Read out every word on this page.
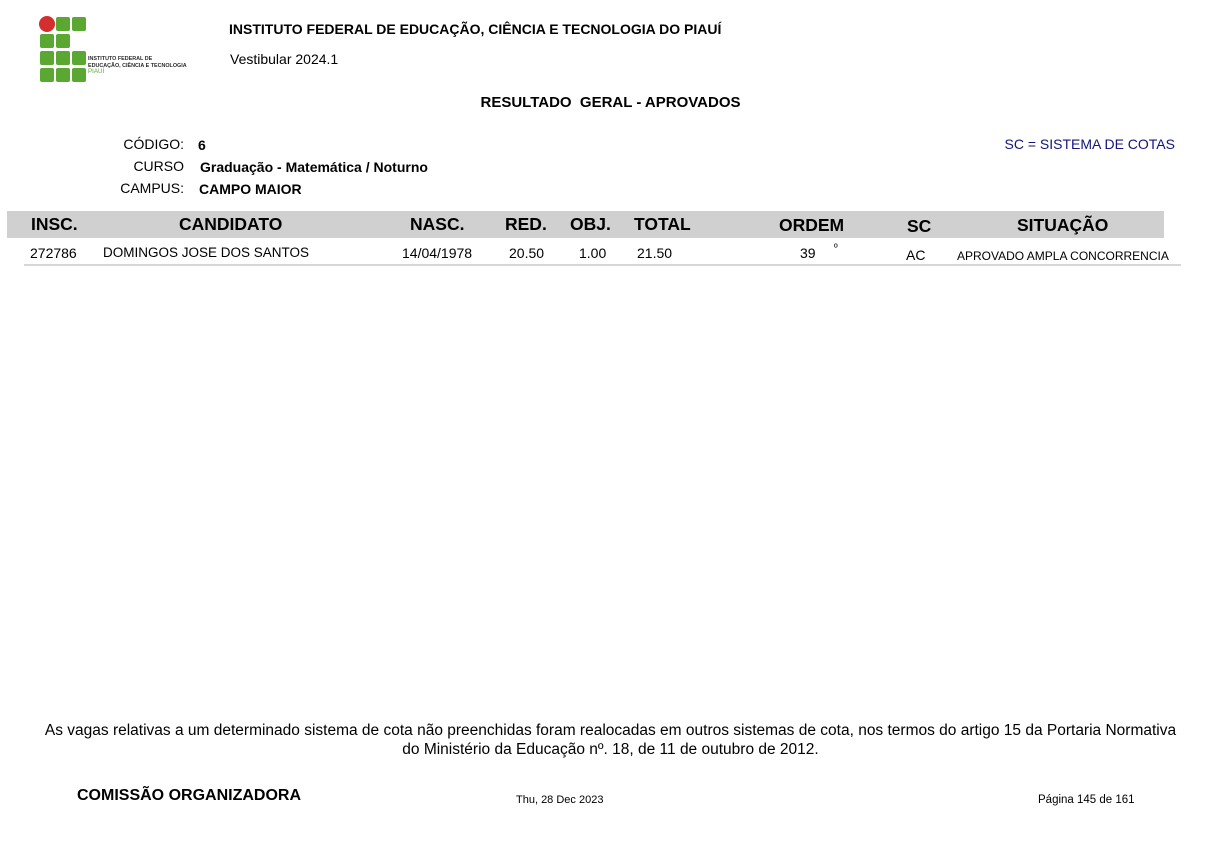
INSTITUTO FEDERAL DE
EDUCAÇÃO, CIÊNCIA E TECNOLOGIA
PIAUÍ
INSTITUTO FEDERAL DE EDUCAÇÃO, CIÊNCIA E TECNOLOGIA DO PIAUÍ
Vestibular 2024.1
RESULTADO  GERAL - APROVADOS
CÓDIGO: 6
CURSO Graduação - Matemática / Noturno
CAMPUS: CAMPO MAIOR
SC = SISTEMA DE COTAS
INSC.	CANDIDATO	NASC. RED. OBJ. TOTAL	ORDEM	SC	SITUAÇÃO
272786 DOMINGOS JOSE DOS SANTOS	14/04/1978	20.50 1.00 21.50	39 º	AC	APROVADO AMPLA CONCORRENCIA
As vagas relativas a um determinado sistema de cota não preenchidas foram realocadas em outros sistemas de cota, nos termos do artigo 15 da Portaria Normativa do Ministério da Educação nº. 18, de 11 de outubro de 2012.
COMISSÃO ORGANIZADORA	Thu, 28 Dec 2023	Página 145 de 161
